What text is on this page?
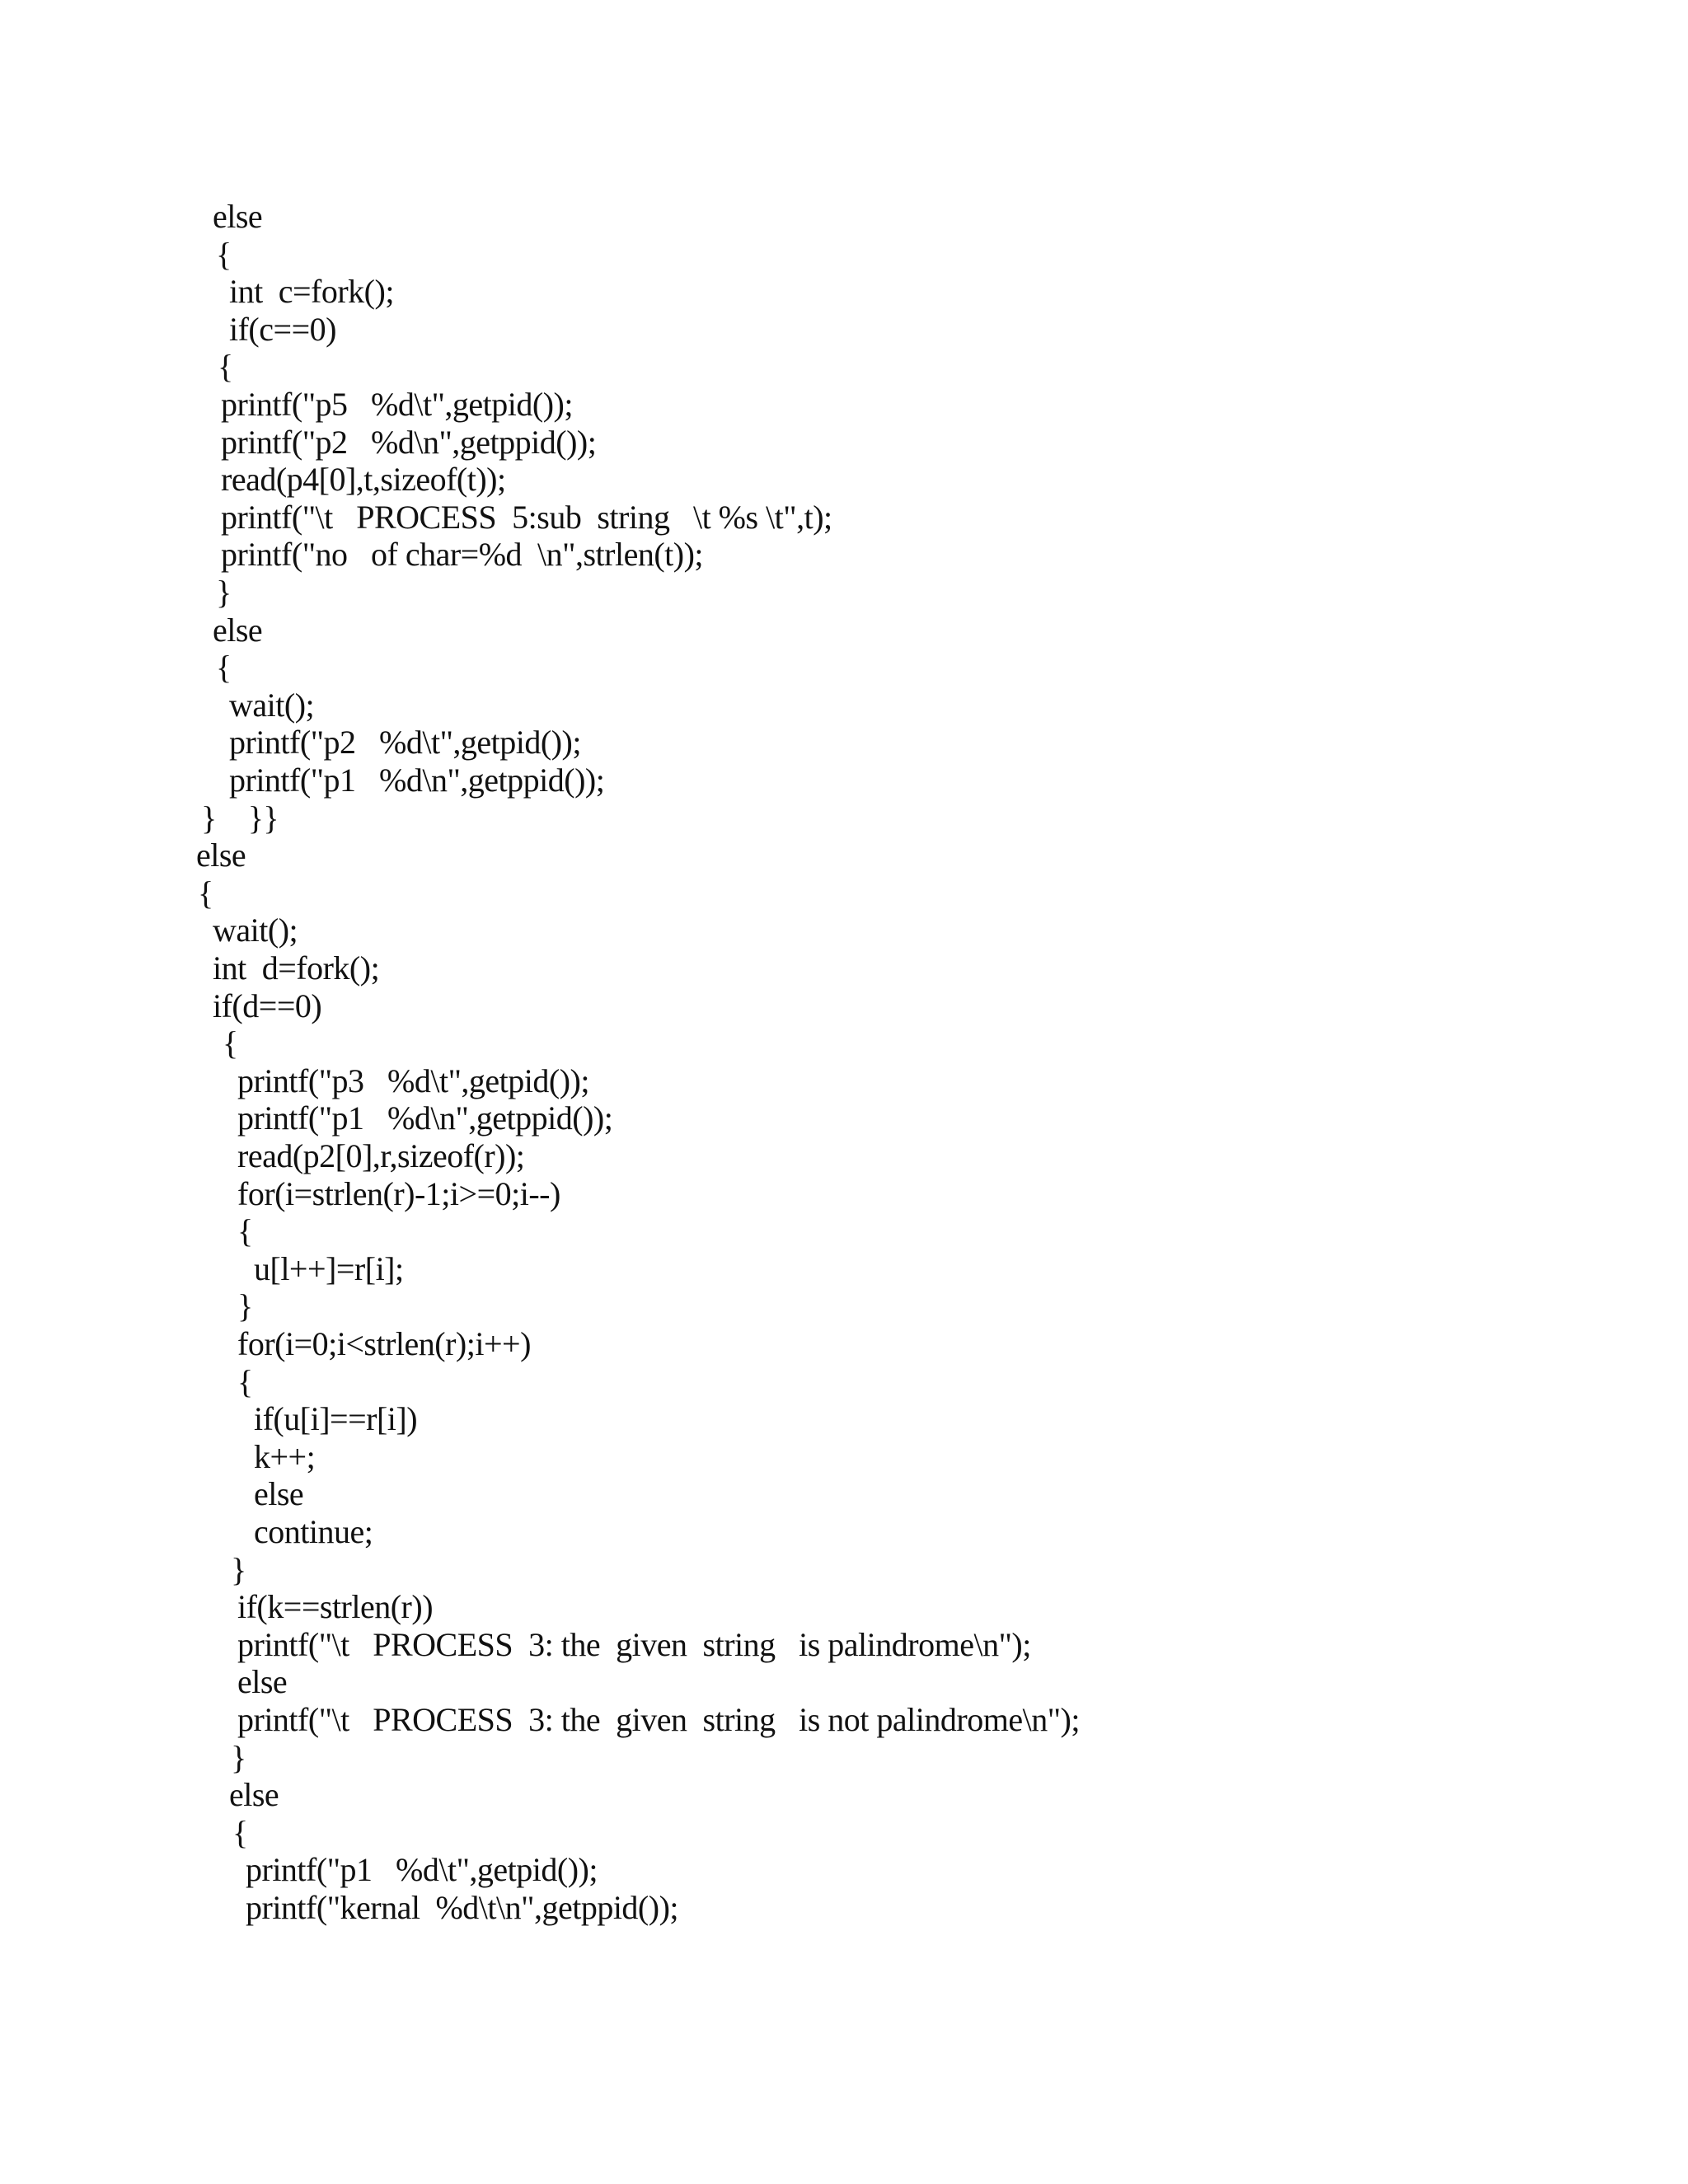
else
{
int  c=fork();
if(c==0)
{
printf("p5   %d\t",getpid());
printf("p2   %d\n",getppid());
read(p4[0],t,sizeof(t));
printf("\t   PROCESS  5:sub  string   \t %s \t",t);
printf("no   of char=%d  \n",strlen(t));
}
else
{
wait();
printf("p2   %d\t",getpid());
printf("p1   %d\n",getppid());
}    }}
else
{
wait();
int  d=fork();
if(d==0)
{
printf("p3   %d\t",getpid());
printf("p1   %d\n",getppid());
read(p2[0],r,sizeof(r));
for(i=strlen(r)-1;i>=0;i--)
{
u[l++]=r[i];
}
for(i=0;i<strlen(r);i++)
{
if(u[i]==r[i])
k++;
else
continue;
}
if(k==strlen(r))
printf("\t   PROCESS  3: the  given  string   is palindrome\n");
else
printf("\t   PROCESS  3: the  given  string   is not palindrome\n");
}
else
{
printf("p1   %d\t",getpid());
printf("kernal  %d\t\n",getppid());
